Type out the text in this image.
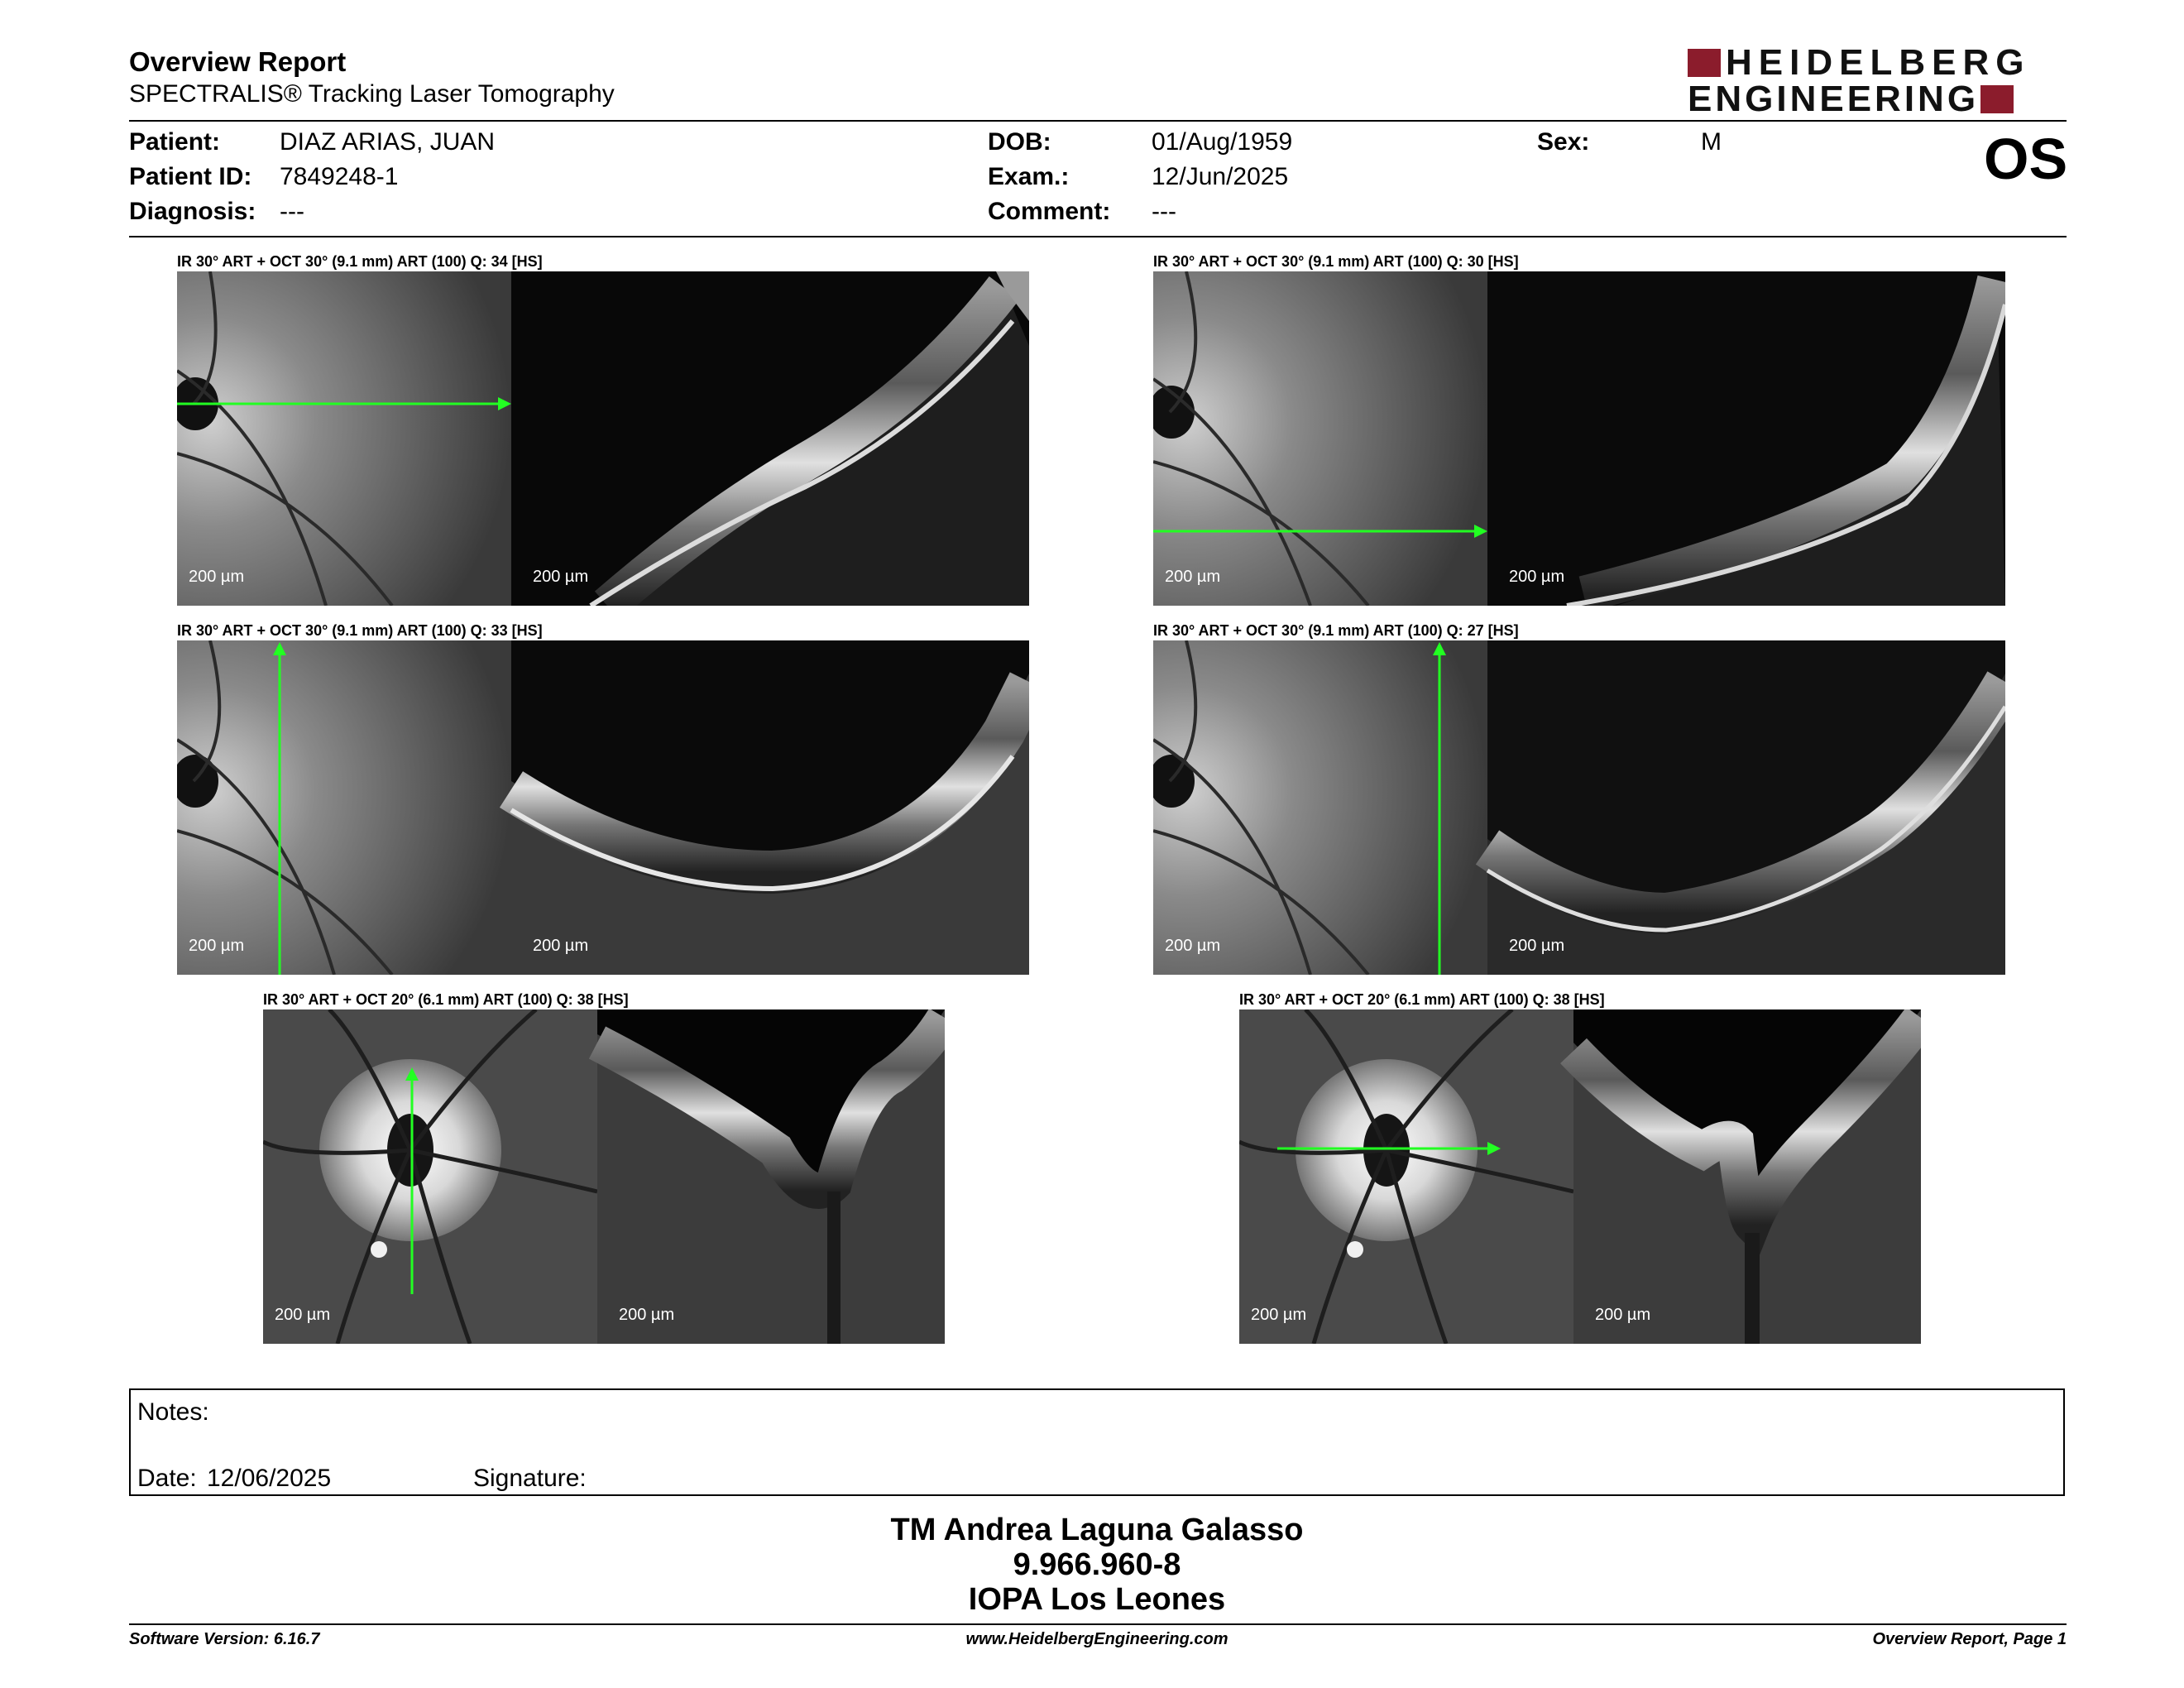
Overview Report
SPECTRALIS® Tracking Laser Tomography
HEIDELBERG
ENGINEERING
Patient: DIAZ ARIAS, JUAN
Patient ID: 7849248-1
Diagnosis: ---
DOB:	01/Aug/1959
Exam.:	12/Jun/2025
Comment: ---
Sex:	M	OS
IR 30° ART + OCT 30° (9.1 mm) ART (100) Q: 34 [HS]
200 µm	200 µm
IR 30° ART + OCT 30° (9.1 mm) ART (100) Q: 30 [HS]
200 µm	200 µm
IR 30° ART + OCT 30° (9.1 mm) ART (100) Q: 33 [HS]
200 µm	200 µm
IR 30° ART + OCT 30° (9.1 mm) ART (100) Q: 27 [HS]
200 µm	200 µm
IR 30° ART + OCT 20° (6.1 mm) ART (100) Q: 38 [HS]
200 µm	200 µm
IR 30° ART + OCT 20° (6.1 mm) ART (100) Q: 38 [HS]
200 µm	200 µm
Notes:
Date: 12/06/2025	Signature:
TM Andrea Laguna Galasso
9.966.960-8
IOPA Los Leones
Software Version: 6.16.7	www.HeidelbergEngineering.com	Overview Report, Page 1
